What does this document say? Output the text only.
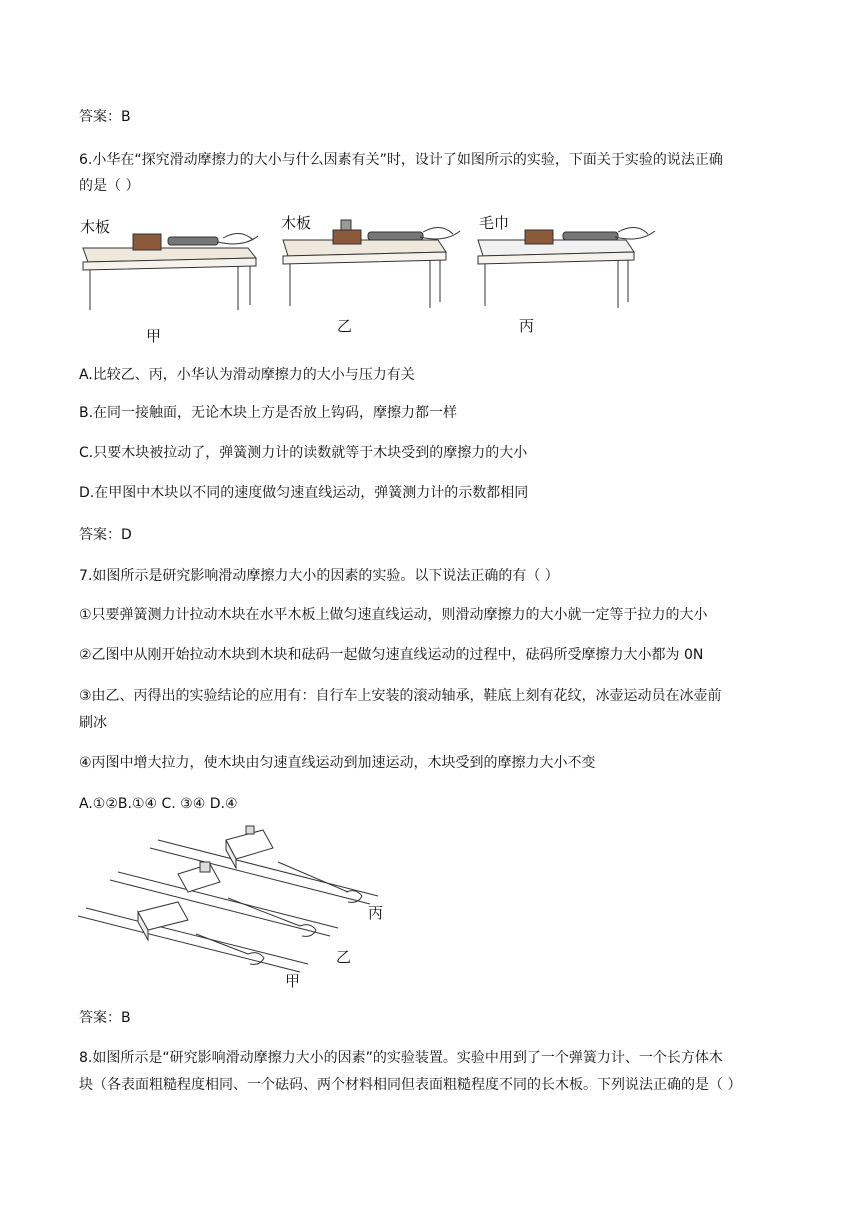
答案：B
6.小华在“探究滑动摩擦力的大小与什么因素有关”时，设计了如图所示的实验，下面关于实验的说法正确
的是（ ）
木板	木板	毛巾
甲
乙	丙
A.比较乙、丙，小华认为滑动摩擦力的大小与压力有关
B.在同一接触面，无论木块上方是否放上钩码，摩擦力都一样
C.只要木块被拉动了，弹簧测力计的读数就等于木块受到的摩擦力的大小
D.在甲图中木块以不同的速度做匀速直线运动，弹簧测力计的示数都相同
答案：D
7.如图所示是研究影响滑动摩擦力大小的因素的实验。以下说法正确的有（ ）
①只要弹簧测力计拉动木块在水平木板上做匀速直线运动，则滑动摩擦力的大小就一定等于拉力的大小
②乙图中从刚开始拉动木块到木块和砝码一起做匀速直线运动的过程中，砝码所受摩擦力大小都为 0N
③由乙、丙得出的实验结论的应用有：自行车上安装的滚动轴承，鞋底上刻有花纹，冰壶运动员在冰壶前
刷冰
④丙图中增大拉力，使木块由匀速直线运动到加速运动，木块受到的摩擦力大小不变
A.①②B.①④ C. ③④ D.④
丙
乙
甲
答案：B
8.如图所示是“研究影响滑动摩擦力大小的因素”的实验装置。实验中用到了一个弹簧力计、一个长方体木
块（各表面粗糙程度相同、一个砝码、两个材料相同但表面粗糙程度不同的长木板。下列说法正确的是（ ）
